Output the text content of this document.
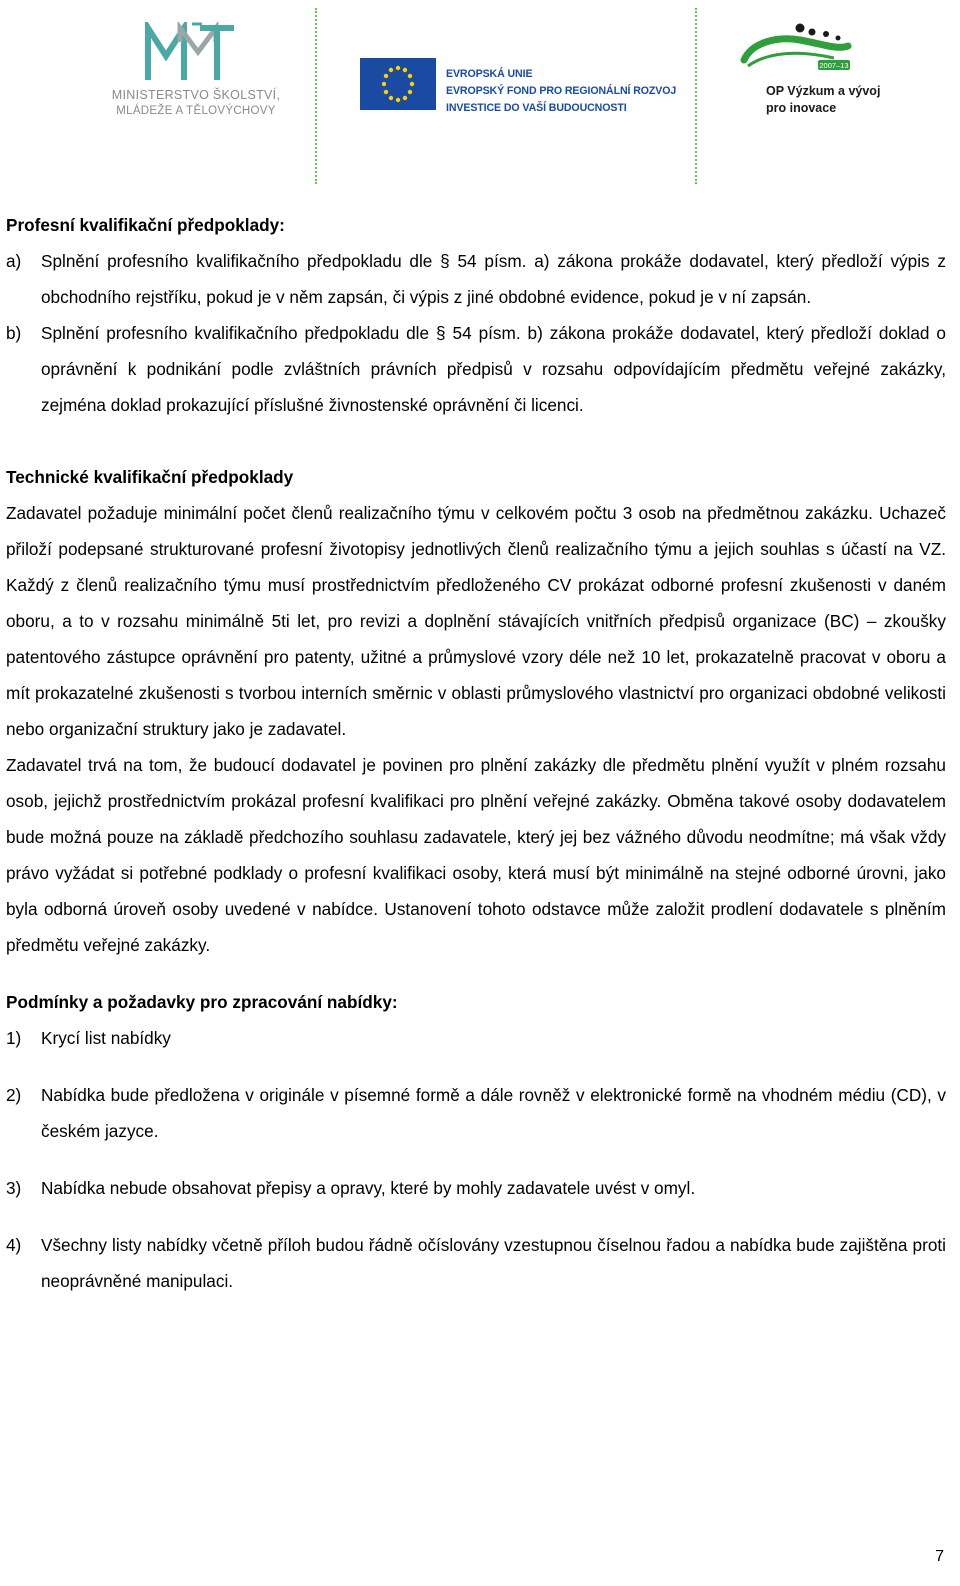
MINISTERSTVO ŠKOLSTVÍ,
MLÁDEŽE A TĚLOVÝCHOVY
EVROPSKÁ UNIE
EVROPSKÝ FOND PRO REGIONÁLNÍ ROZVOJ
INVESTICE DO VAŠÍ BUDOUCNOSTI
2007–13
OP Výzkum a vývoj
pro inovace

Profesní kvalifikační předpoklady:

a) Splnění profesního kvalifikačního předpokladu dle § 54 písm. a) zákona prokáže dodavatel, který předloží výpis z obchodního rejstříku, pokud je v něm zapsán, či výpis z jiné obdobné evidence, pokud je v ní zapsán.
b) Splnění profesního kvalifikačního předpokladu dle § 54 písm. b) zákona prokáže dodavatel, který předloží doklad o oprávnění k podnikání podle zvláštních právních předpisů v rozsahu odpovídajícím předmětu veřejné zakázky, zejména doklad prokazující příslušné živnostenské oprávnění či licenci.

Technické kvalifikační předpoklady

Zadavatel požaduje minimální počet členů realizačního týmu v celkovém počtu 3 osob na předmětnou zakázku. Uchazeč přiloží podepsané strukturované profesní životopisy jednotlivých členů realizačního týmu a jejich souhlas s účastí na VZ. Každý z členů realizačního týmu musí prostřednictvím předloženého CV prokázat odborné profesní zkušenosti v daném oboru, a to v rozsahu minimálně 5ti let, pro revizi a doplnění stávajících vnitřních předpisů organizace (BC) – zkoušky patentového zástupce oprávnění pro patenty, užitné a průmyslové vzory déle než 10 let, prokazatelně pracovat v oboru a mít prokazatelné zkušenosti s tvorbou interních směrnic v oblasti průmyslového vlastnictví pro organizaci obdobné velikosti nebo organizační struktury jako je zadavatel.

Zadavatel trvá na tom, že budoucí dodavatel je povinen pro plnění zakázky dle předmětu plnění využít v plném rozsahu osob, jejichž prostřednictvím prokázal profesní kvalifikaci pro plnění veřejné zakázky. Obměna takové osoby dodavatelem bude možná pouze na základě předchozího souhlasu zadavatele, který jej bez vážného důvodu neodmítne; má však vždy právo vyžádat si potřebné podklady o profesní kvalifikaci osoby, která musí být minimálně na stejné odborné úrovni, jako byla odborná úroveň osoby uvedené v nabídce. Ustanovení tohoto odstavce může založit prodlení dodavatele s plněním předmětu veřejné zakázky.

Podmínky a požadavky pro zpracování nabídky:

1) Krycí list nabídky
2) Nabídka bude předložena v originále v písemné formě a dále rovněž v elektronické formě na vhodném médiu (CD), v českém jazyce.
3) Nabídka nebude obsahovat přepisy a opravy, které by mohly zadavatele uvést v omyl.
4) Všechny listy nabídky včetně příloh budou řádně očíslovány vzestupnou číselnou řadou a nabídka bude zajištěna proti neoprávněné manipulaci.
7
